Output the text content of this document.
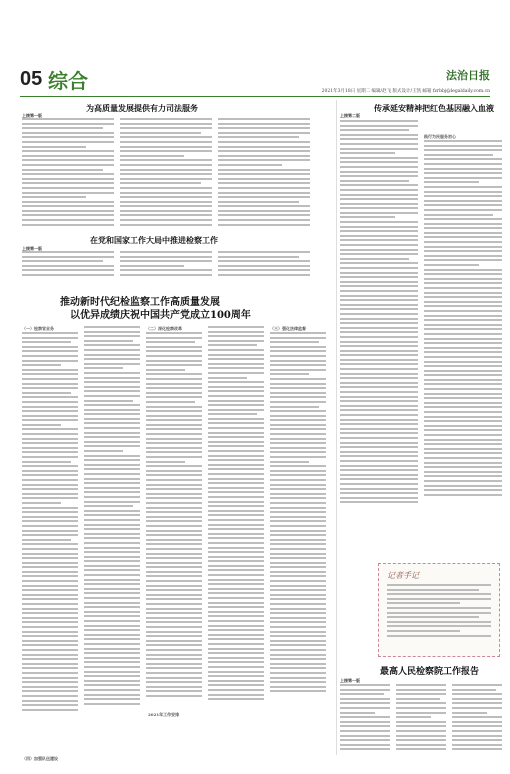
05 综合	法治日报
2021年3月18日 星期二 编辑/赵飞 版式设计/王凯 邮箱 fzrbbj@legaldaily.com.cn
为高质量发展提供有力司法服务
上接第一版
在党和国家工作大局中推进检察工作
上接第一版
推动新时代纪检监察工作高质量发展
以优异成绩庆祝中国共产党成立100周年
（一）检察官业务	（二）深化检察改革	（三）强化法律监督
2021年工作安排
传承延安精神把红色基因融入血液
上接第二版
践行为民服务初心
记者手记
最高人民检察院工作报告
上接第一版
（四）加强队伍建设
